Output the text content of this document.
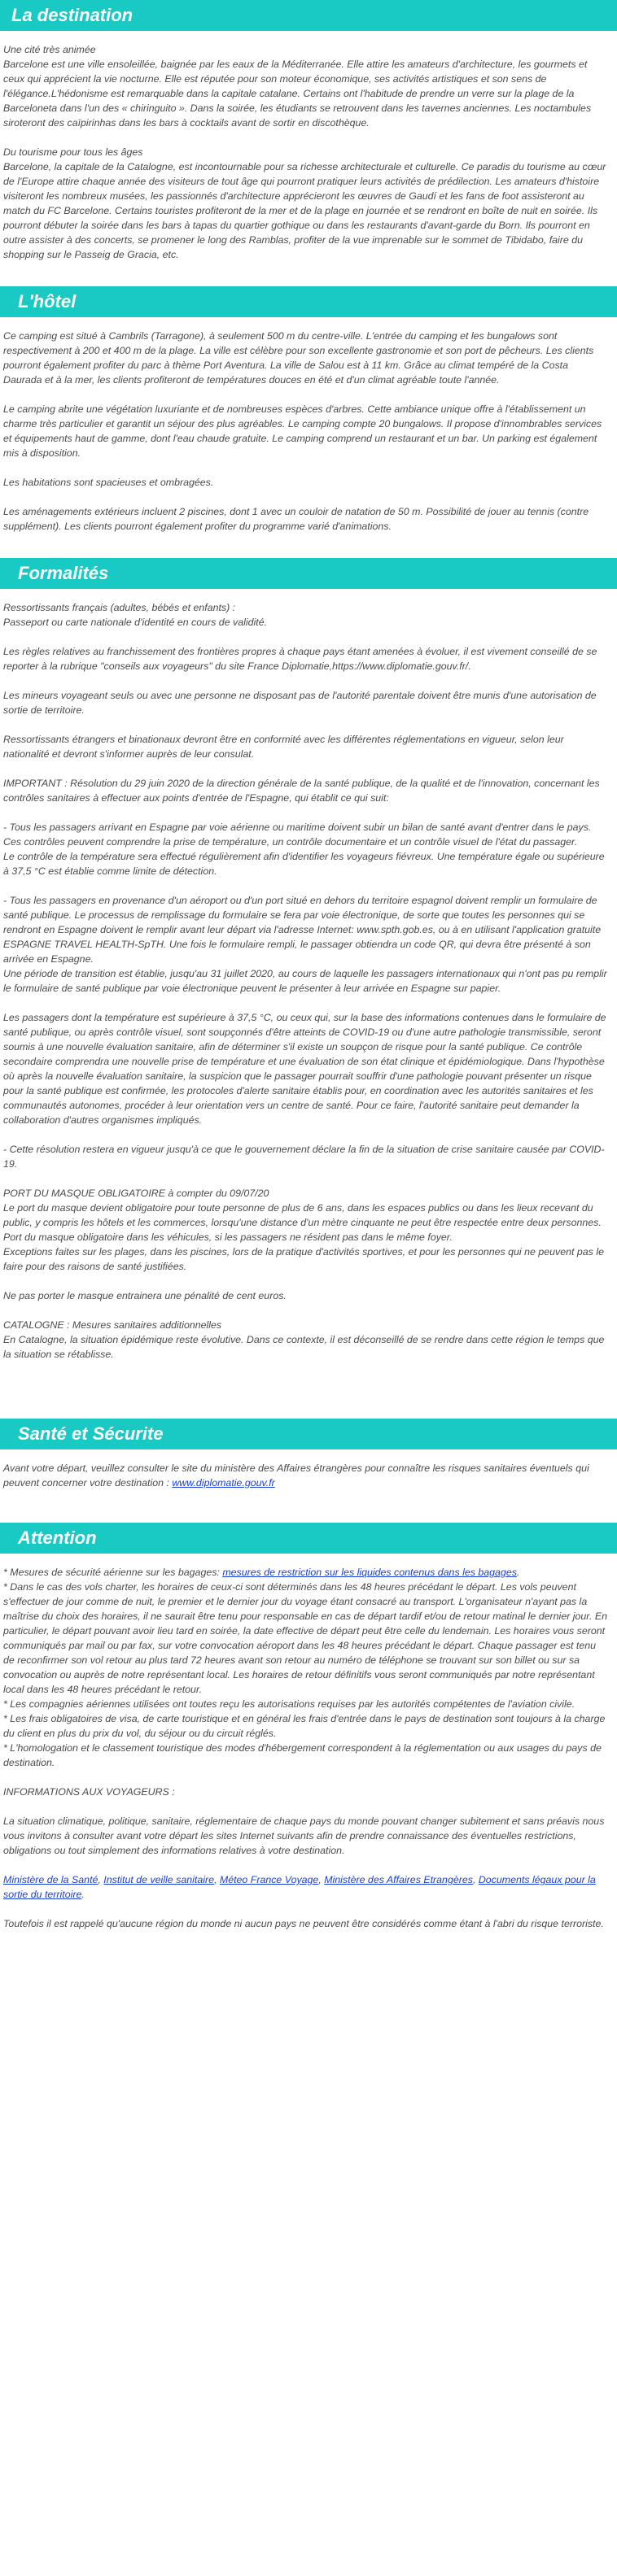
La destination

Une cité très animée
Barcelone est une ville ensoleillée, baignée par les eaux de la Méditerranée. Elle attire les amateurs d'architecture, les gourmets et ceux qui apprécient la vie nocturne. Elle est réputée pour son moteur économique, ses activités artistiques et son sens de l'élégance.L'hédonisme est remarquable dans la capitale catalane. Certains ont l'habitude de prendre un verre sur la plage de la Barceloneta dans l'un des « chiringuito ». Dans la soirée, les étudiants se retrouvent dans les tavernes anciennes. Les noctambules siroteront des caïpirinhas dans les bars à cocktails avant de sortir en discothèque.

Du tourisme pour tous les âges
Barcelone, la capitale de la Catalogne, est incontournable pour sa richesse architecturale et culturelle. Ce paradis du tourisme au cœur de l'Europe attire chaque année des visiteurs de tout âge qui pourront pratiquer leurs activités de prédilection. Les amateurs d'histoire visiteront les nombreux musées, les passionnés d'architecture apprécieront les œuvres de Gaudí et les fans de foot assisteront au match du FC Barcelone. Certains touristes profiteront de la mer et de la plage en journée et se rendront en boîte de nuit en soirée. Ils pourront débuter la soirée dans les bars à tapas du quartier gothique ou dans les restaurants d'avant-garde du Born. Ils pourront en outre assister à des concerts, se promener le long des Ramblas, profiter de la vue imprenable sur le sommet de Tibidabo, faire du shopping sur le Passeig de Gracia, etc.

L'hôtel

Ce camping est situé à Cambrils (Tarragone), à seulement 500 m du centre-ville. L'entrée du camping et les bungalows sont respectivement à 200 et 400 m de la plage. La ville est célèbre pour son excellente gastronomie et son port de pêcheurs. Les clients pourront également profiter du parc à thème Port Aventura. La ville de Salou est à 11 km. Grâce au climat tempéré de la Costa Daurada et à la mer, les clients profiteront de températures douces en été et d'un climat agréable toute l'année.

Le camping abrite une végétation luxuriante et de nombreuses espèces d'arbres. Cette ambiance unique offre à l'établissement un charme très particulier et garantit un séjour des plus agréables. Le camping compte 20 bungalows. Il propose d'innombrables services et équipements haut de gamme, dont l'eau chaude gratuite. Le camping comprend un restaurant et un bar. Un parking est également mis à disposition.

Les habitations sont spacieuses et ombragées.

Les aménagements extérieurs incluent 2 piscines, dont 1 avec un couloir de natation de 50 m. Possibilité de jouer au tennis (contre supplément). Les clients pourront également profiter du programme varié d'animations.

Formalités

Ressortissants français (adultes, bébés et enfants) :
Passeport ou carte nationale d'identité en cours de validité.

Les règles relatives au franchissement des frontières propres à chaque pays étant amenées à évoluer, il est vivement conseillé de se reporter à la rubrique "conseils aux voyageurs" du site France Diplomatie,https://www.diplomatie.gouv.fr/.

Les mineurs voyageant seuls ou avec une personne ne disposant pas de l'autorité parentale doivent être munis d'une autorisation de sortie de territoire.

Ressortissants étrangers et binationaux devront être en conformité avec les différentes réglementations en vigueur, selon leur nationalité et devront s'informer auprès de leur consulat.

IMPORTANT : Résolution du 29 juin 2020 de la direction générale de la santé publique, de la qualité et de l'innovation, concernant les contrôles sanitaires à effectuer aux points d'entrée de l'Espagne, qui établit ce qui suit:

- Tous les passagers arrivant en Espagne par voie aérienne ou maritime doivent subir un bilan de santé avant d'entrer dans le pays. Ces contrôles peuvent comprendre la prise de température, un contrôle documentaire et un contrôle visuel de l'état du passager.
Le contrôle de la température sera effectué régulièrement afin d'identifier les voyageurs fiévreux. Une température égale ou supérieure à 37,5 °C est établie comme limite de détection.

- Tous les passagers en provenance d'un aéroport ou d'un port situé en dehors du territoire espagnol doivent remplir un formulaire de santé publique. Le processus de remplissage du formulaire se fera par voie électronique, de sorte que toutes les personnes qui se rendront en Espagne doivent le remplir avant leur départ via l'adresse Internet: www.spth.gob.es, ou à en utilisant l'application gratuite ESPAGNE TRAVEL HEALTH-SpTH. Une fois le formulaire rempli, le passager obtiendra un code QR, qui devra être présenté à son arrivée en Espagne.
Une période de transition est établie, jusqu'au 31 juillet 2020, au cours de laquelle les passagers internationaux qui n'ont pas pu remplir le formulaire de santé publique par voie électronique peuvent le présenter à leur arrivée en Espagne sur papier.

Les passagers dont la température est supérieure à 37,5 °C, ou ceux qui, sur la base des informations contenues dans le formulaire de santé publique, ou après contrôle visuel, sont soupçonnés d'être atteints de COVID-19 ou d'une autre pathologie transmissible, seront soumis à une nouvelle évaluation sanitaire, afin de déterminer s'il existe un soupçon de risque pour la santé publique. Ce contrôle secondaire comprendra une nouvelle prise de température et une évaluation de son état clinique et épidémiologique. Dans l'hypothèse où après la nouvelle évaluation sanitaire, la suspicion que le passager pourrait souffrir d'une pathologie pouvant présenter un risque pour la santé publique est confirmée, les protocoles d'alerte sanitaire établis pour, en coordination avec les autorités sanitaires et les communautés autonomes, procéder à leur orientation vers un centre de santé. Pour ce faire, l'autorité sanitaire peut demander la collaboration d'autres organismes impliqués.

- Cette résolution restera en vigueur jusqu'à ce que le gouvernement déclare la fin de la situation de crise sanitaire causée par COVID-19.

PORT DU MASQUE OBLIGATOIRE à compter du 09/07/20
Le port du masque devient obligatoire pour toute personne de plus de 6 ans, dans les espaces publics ou dans les lieux recevant du public, y compris les hôtels et les commerces, lorsqu'une distance d'un mètre cinquante ne peut être respectée entre deux personnes.
Port du masque obligatoire dans les véhicules, si les passagers ne résident pas dans le même foyer.
Exceptions faites sur les plages, dans les piscines, lors de la pratique d'activités sportives, et pour les personnes qui ne peuvent pas le faire pour des raisons de santé justifiées.

Ne pas porter le masque entrainera une pénalité de cent euros.

CATALOGNE : Mesures sanitaires additionnelles
En Catalogne, la situation épidémique reste évolutive. Dans ce contexte, il est déconseillé de se rendre dans cette région le temps que la situation se rétablisse.

Santé et Sécurite

Avant votre départ, veuillez consulter le site du ministère des Affaires étrangères pour connaître les risques sanitaires éventuels qui peuvent concerner votre destination : www.diplomatie.gouv.fr

Attention

* Mesures de sécurité aérienne sur les bagages: mesures de restriction sur les liquides contenus dans les bagages.

* Dans le cas des vols charter, les horaires de ceux-ci sont déterminés dans les 48 heures précédant le départ. Les vols peuvent s'effectuer de jour comme de nuit, le premier et le dernier jour du voyage étant consacré au transport. L'organisateur n'ayant pas la maîtrise du choix des horaires, il ne saurait être tenu pour responsable en cas de départ tardif et/ou de retour matinal le dernier jour. En particulier, le départ pouvant avoir lieu tard en soirée, la date effective de départ peut être celle du lendemain. Les horaires vous seront communiqués par mail ou par fax, sur votre convocation aéroport dans les 48 heures précédant le départ. Chaque passager est tenu de reconfirmer son vol retour au plus tard 72 heures avant son retour au numéro de téléphone se trouvant sur son billet ou sur sa convocation ou auprès de notre représentant local. Les horaires de retour définitifs vous seront communiqués par notre représentant local dans les 48 heures précédant le retour.
* Les compagnies aériennes utilisées ont toutes reçu les autorisations requises par les autorités compétentes de l'aviation civile.
* Les frais obligatoires de visa, de carte touristique et en général les frais d'entrée dans le pays de destination sont toujours à la charge du client en plus du prix du vol, du séjour ou du circuit réglés.
* L'homologation et le classement touristique des modes d'hébergement correspondent à la réglementation ou aux usages du pays de destination.

INFORMATIONS AUX VOYAGEURS :

La situation climatique, politique, sanitaire, réglementaire de chaque pays du monde pouvant changer subitement et sans préavis nous vous invitons à consulter avant votre départ les sites Internet suivants afin de prendre connaissance des éventuelles restrictions, obligations ou tout simplement des informations relatives à votre destination.

Ministère de la Santé, Institut de veille sanitaire, Méteo France Voyage, Ministère des Affaires Etrangères, Documents légaux pour la sortie du territoire.

Toutefois il est rappelé qu'aucune région du monde ni aucun pays ne peuvent être considérés comme étant à l'abri du risque terroriste.
